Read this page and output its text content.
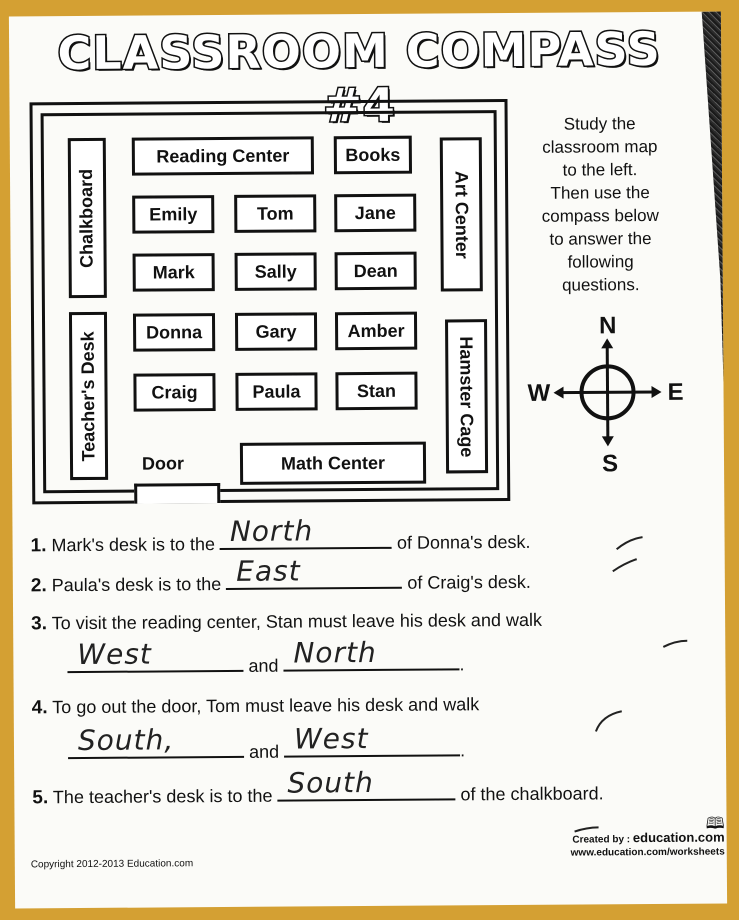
CLASSROOM COMPASS #4
Chalkboard
Reading Center	Books
Art Center
Emily	Tom	Jane
Mark	Sally	Dean
Donna	Gary	Amber
Craig	Paula	Stan
Teacher's Desk	Hamster Cage
Door	Math Center
Study the
classroom map
to the left.
Then use the
compass below
to answer the
following
questions.
N
S
E
W
1. Mark's desk is to the North	of Donna's desk.
2. Paula's desk is to the East	of Craig's desk.
3. To visit the reading center, Stan must leave his desk and walk
West	and North	.
4. To go out the door, Tom must leave his desk and walk
South,	and West	.
5. The teacher's desk is to the South	of the chalkboard.
Copyright 2012-2013 Education.com
🕮
Created by : education.com
www.education.com/worksheets
